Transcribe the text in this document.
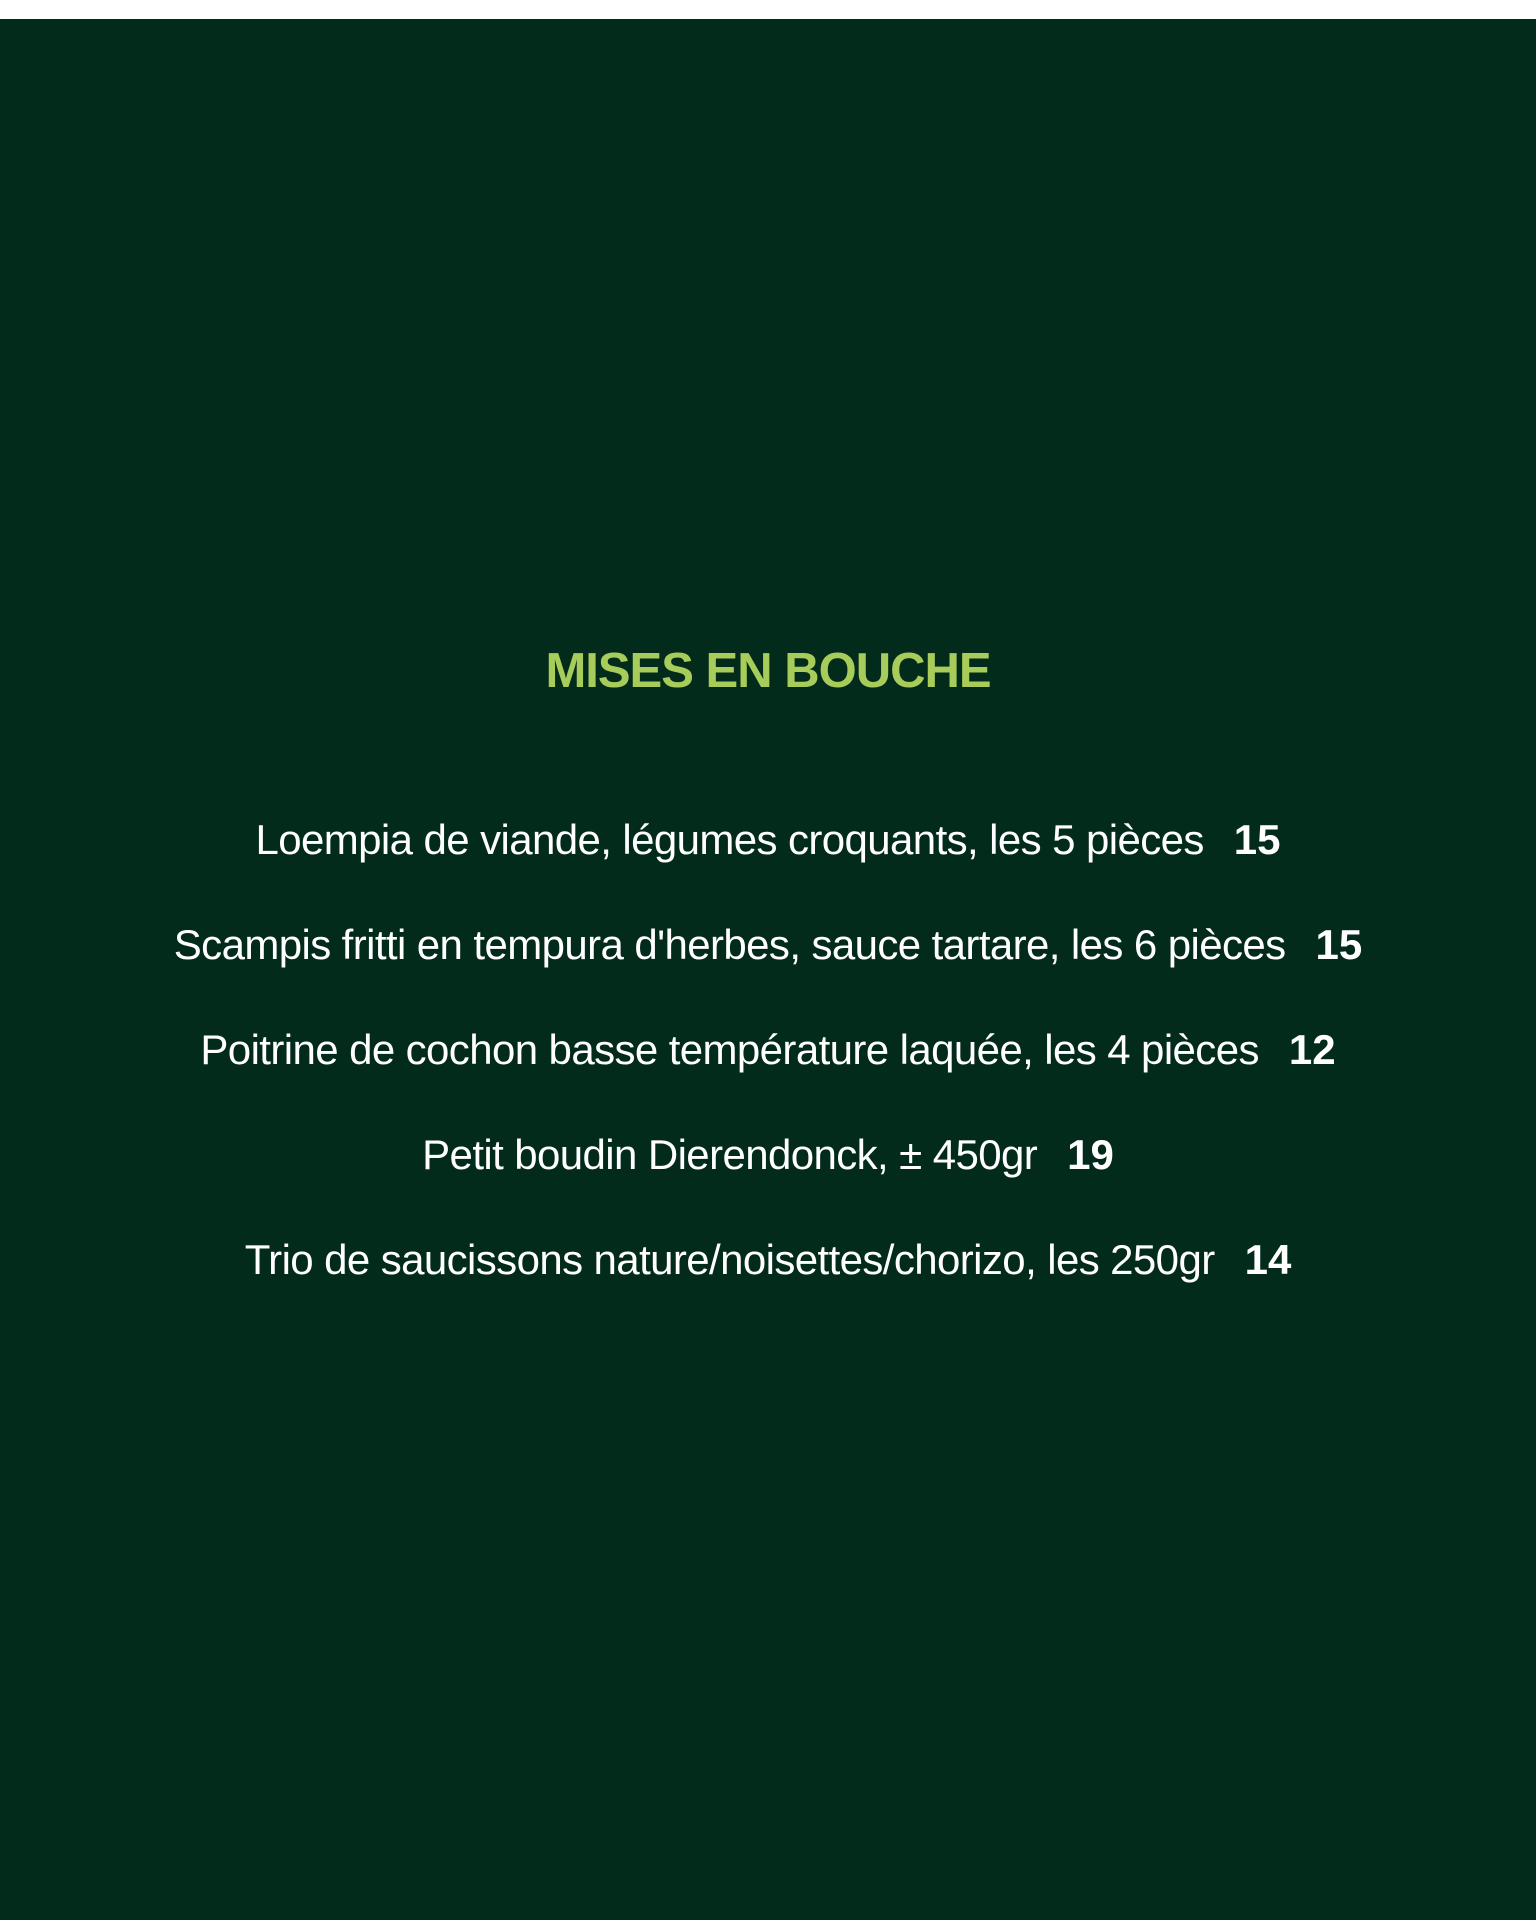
MISES EN BOUCHE
Loempia de viande, légumes croquants, les 5 pièces 15
Scampis fritti en tempura d'herbes, sauce tartare, les 6 pièces 15
Poitrine de cochon basse température laquée, les 4 pièces 12
Petit boudin Dierendonck, ± 450gr 19
Trio de saucissons nature/noisettes/chorizo, les 250gr 14
